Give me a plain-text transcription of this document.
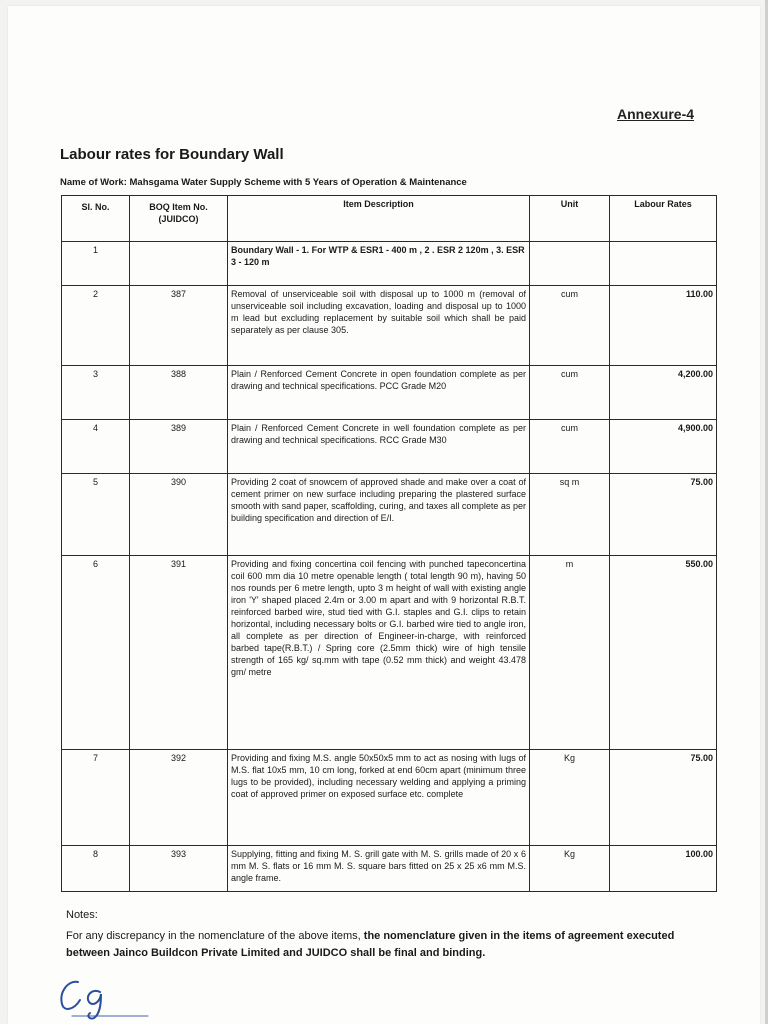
Annexure-4
Labour rates for Boundary Wall
Name of Work: Mahsgama Water Supply Scheme with 5 Years of Operation & Maintenance
Sl. No.	BOQ Item No. (JUIDCO)	Item Description	Unit	Labour Rates
1		Boundary Wall - 1. For WTP & ESR1 - 400 m , 2 . ESR 2 120m , 3. ESR 3 - 120 m		
2	387	Removal of unserviceable soil with disposal up to 1000 m (removal of unserviceable soil including excavation, loading and disposal up to 1000 m lead but excluding replacement by suitable soil which shall be paid separately as per clause 305.	cum	110.00
3	388	Plain / Renforced Cement Concrete in open foundation complete as per drawing and technical specifications. PCC Grade M20	cum	4,200.00
4	389	Plain / Renforced Cement Concrete in well foundation complete as per drawing and technical specifications. RCC Grade M30	cum	4,900.00
5	390	Providing 2 coat of snowcem of approved shade and make over a coat of cement primer on new surface including preparing the plastered surface smooth with sand paper, scaffolding, curing, and taxes all complete as per building specification and direction of E/I.	sq m	75.00
6	391	Providing and fixing concertina coil fencing with punched tapeconcertina coil 600 mm dia 10 metre openable length ( total length 90 m), having 50 nos rounds per 6 metre length, upto 3 m height of wall with existing angle iron 'Y' shaped placed 2.4m or 3.00 m apart and with 9 horizontal R.B.T. reinforced barbed wire, stud tied with G.I. staples and G.I. clips to retain horizontal, including necessary bolts or G.I. barbed wire tied to angle iron, all complete as per direction of Engineer-in-charge, with reinforced barbed tape(R.B.T.) / Spring core (2.5mm thick) wire of high tensile strength of 165 kg/ sq.mm with tape (0.52 mm thick) and weight 43.478 gm/ metre	m	550.00
7	392	Providing and fixing M.S. angle 50x50x5 mm to act as nosing with lugs of M.S. flat 10x5 mm, 10 cm long, forked at end 60cm apart (minimum three lugs to be provided), including necessary welding and applying a priming coat of approved primer on exposed surface etc. complete	Kg	75.00
8	393	Supplying, fitting and fixing M. S. grill gate with M. S. grills made of 20 x 6 mm M. S. flats or 16 mm M. S. square bars fitted on 25 x 25 x6 mm M.S. angle frame.	Kg	100.00
Notes:
For any discrepancy in the nomenclature of the above items, the nomenclature given in the items of agreement executed between Jainco Buildcon Private Limited and JUIDCO shall be final and binding.
